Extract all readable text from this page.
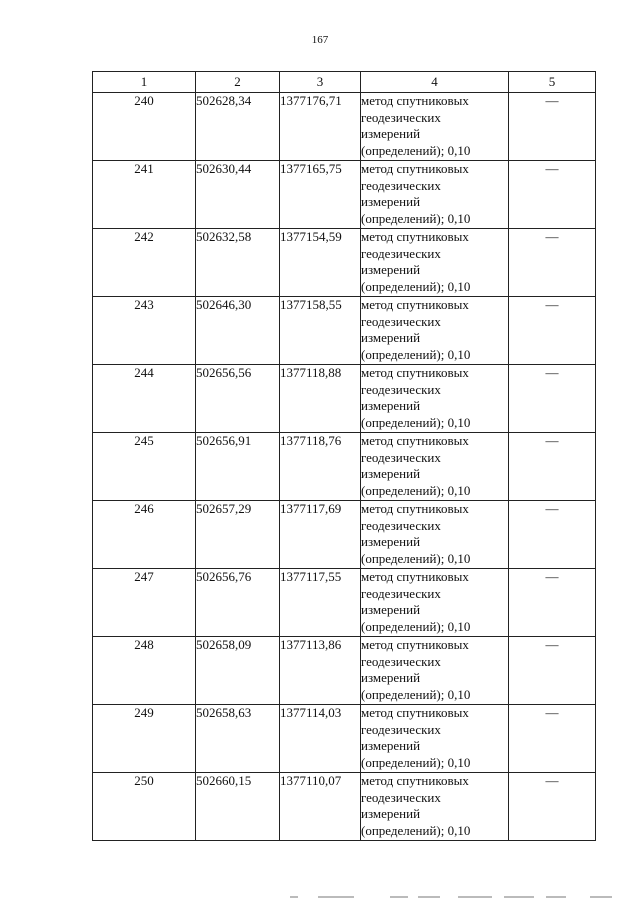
167
1	2	3	4	5
240	502628,34	1377176,71	метод спутниковых
геодезических
измерений
(определений); 0,10	—
241	502630,44	1377165,75	метод спутниковых
геодезических
измерений
(определений); 0,10	—
242	502632,58	1377154,59	метод спутниковых
геодезических
измерений
(определений); 0,10	—
243	502646,30	1377158,55	метод спутниковых
геодезических
измерений
(определений); 0,10	—
244	502656,56	1377118,88	метод спутниковых
геодезических
измерений
(определений); 0,10	—
245	502656,91	1377118,76	метод спутниковых
геодезических
измерений
(определений); 0,10	—
246	502657,29	1377117,69	метод спутниковых
геодезических
измерений
(определений); 0,10	—
247	502656,76	1377117,55	метод спутниковых
геодезических
измерений
(определений); 0,10	—
248	502658,09	1377113,86	метод спутниковых
геодезических
измерений
(определений); 0,10	—
249	502658,63	1377114,03	метод спутниковых
геодезических
измерений
(определений); 0,10	—
250	502660,15	1377110,07	метод спутниковых
геодезических
измерений
(определений); 0,10	—
